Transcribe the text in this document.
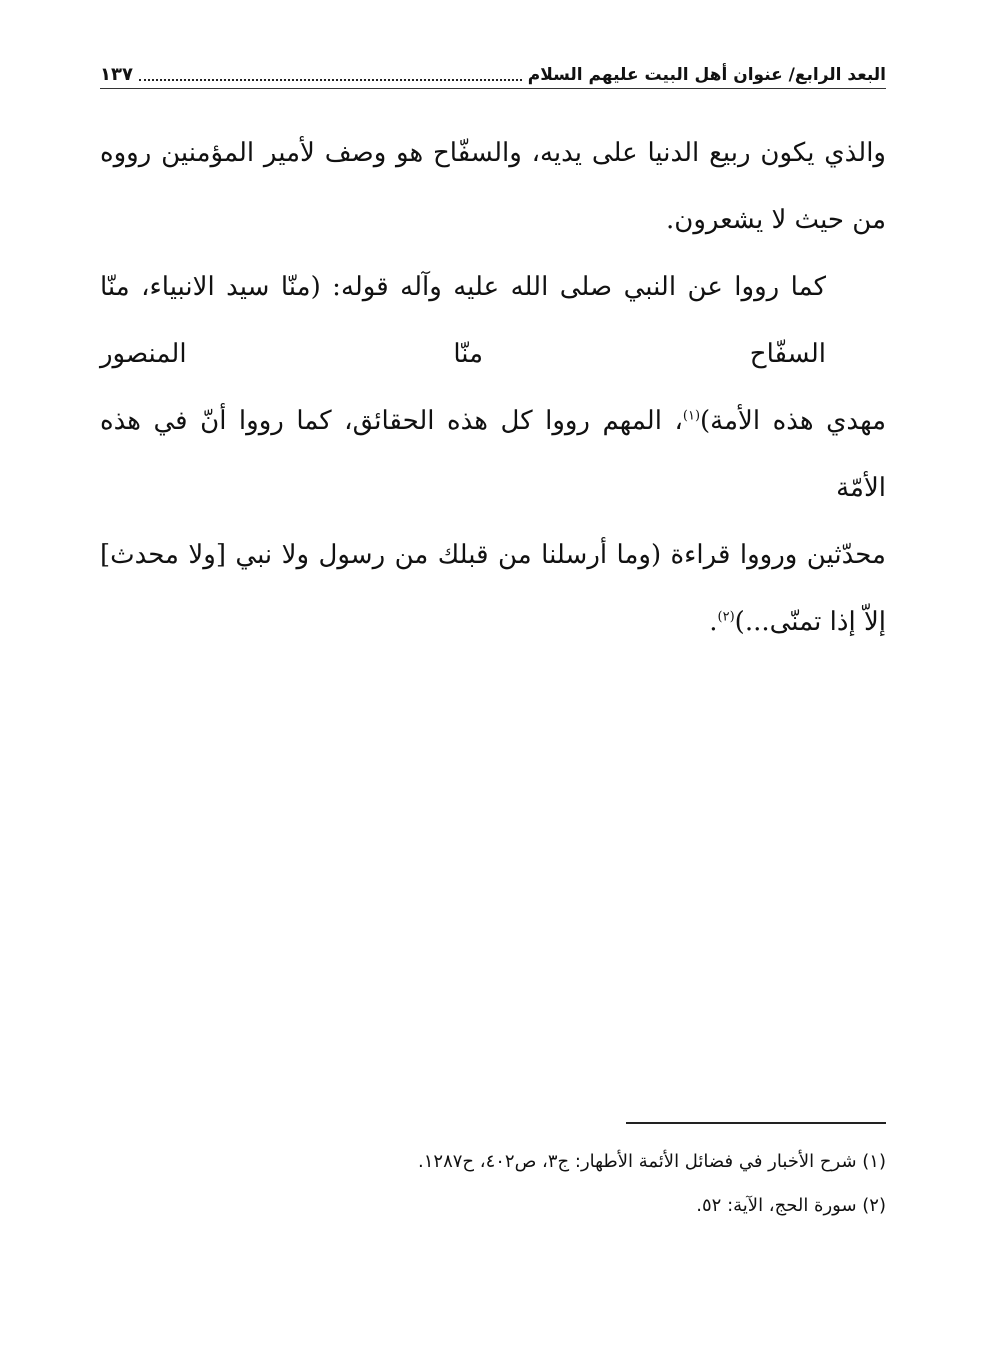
البعد الرابع/ عنوان أهل البيت عليهم السلام
١٣٧

والذي يكون ربيع الدنيا على يديه، والسفّاح هو وصف لأمير المؤمنين رووه
من حيث لا يشعرون.

كما رووا عن النبي صلى الله عليه وآله قوله: (منّا سيد الانبياء، منّا السفّاح منّا المنصور
مهدي هذه الأمة)$^{(١)}$، المهم رووا كل هذه الحقائق، كما رووا أنّ في هذه الأمّة
محدّثين ورووا قراءة (وما أرسلنا من قبلك من رسول ولا نبي [ولا محدث]
إلاّ إذا تمنّى...)$^{(٢)}$.

(١) شرح الأخبار في فضائل الأئمة الأطهار: ج٣، ص٤٠٢، ح١٢٨٧.

(٢) سورة الحج، الآية: ٥٢.
